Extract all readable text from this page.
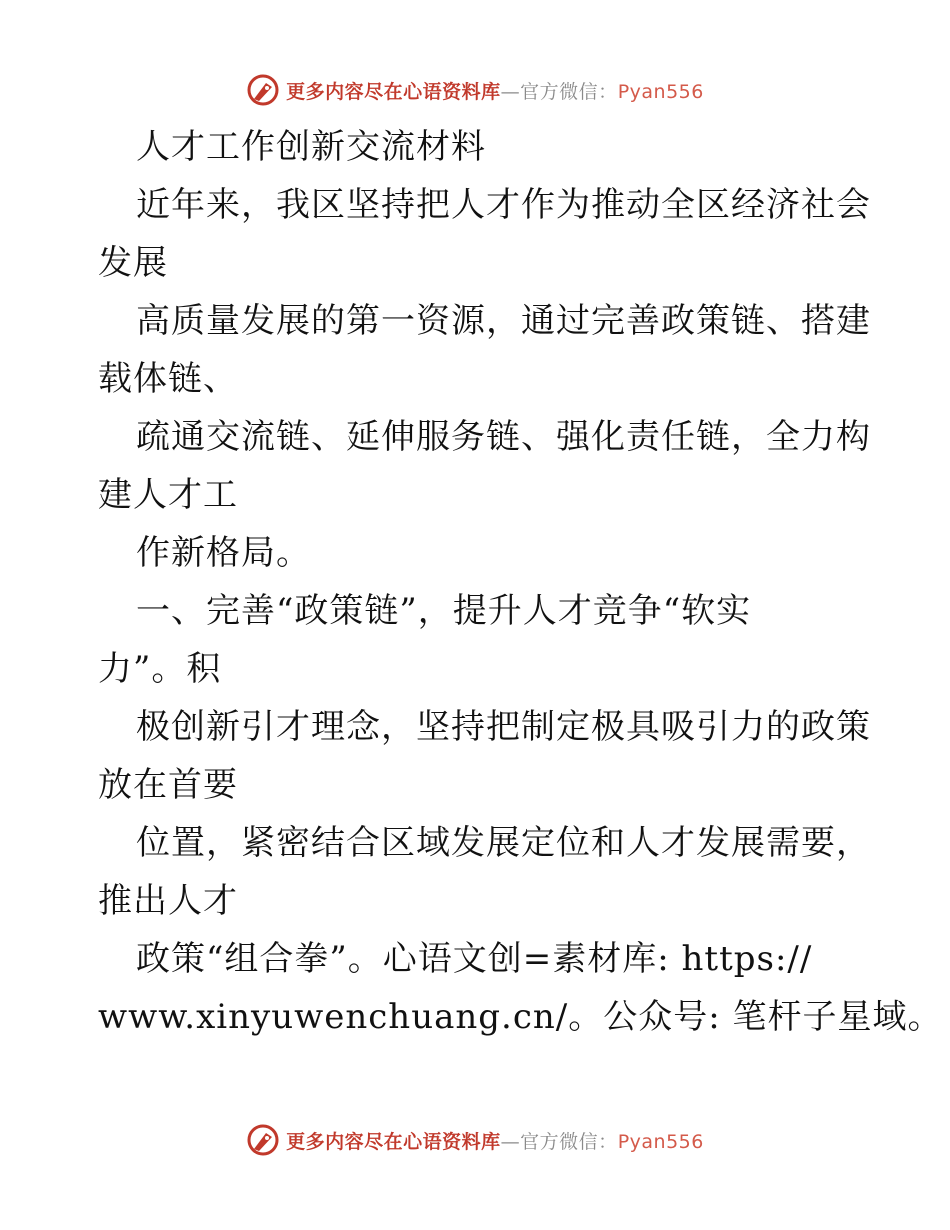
更多内容尽在心语资料库—官方微信：Pyan556
人才工作创新交流材料
近年来，我区坚持把人才作为推动全区经济社会
发展
高质量发展的第一资源，通过完善政策链、搭建
载体链、
疏通交流链、延伸服务链、强化责任链，全力构
建人才工
作新格局。
一、完善“政策链”，提升人才竞争“软实
力”。积
极创新引才理念，坚持把制定极具吸引力的政策
放在首要
位置，紧密结合区域发展定位和人才发展需要，
推出人才
政策“组合拳”。心语文创=素材库: https://
www.xinyuwenchuang.cn/。公众号: 笔杆子星域。
更多内容尽在心语资料库—官方微信：Pyan556
